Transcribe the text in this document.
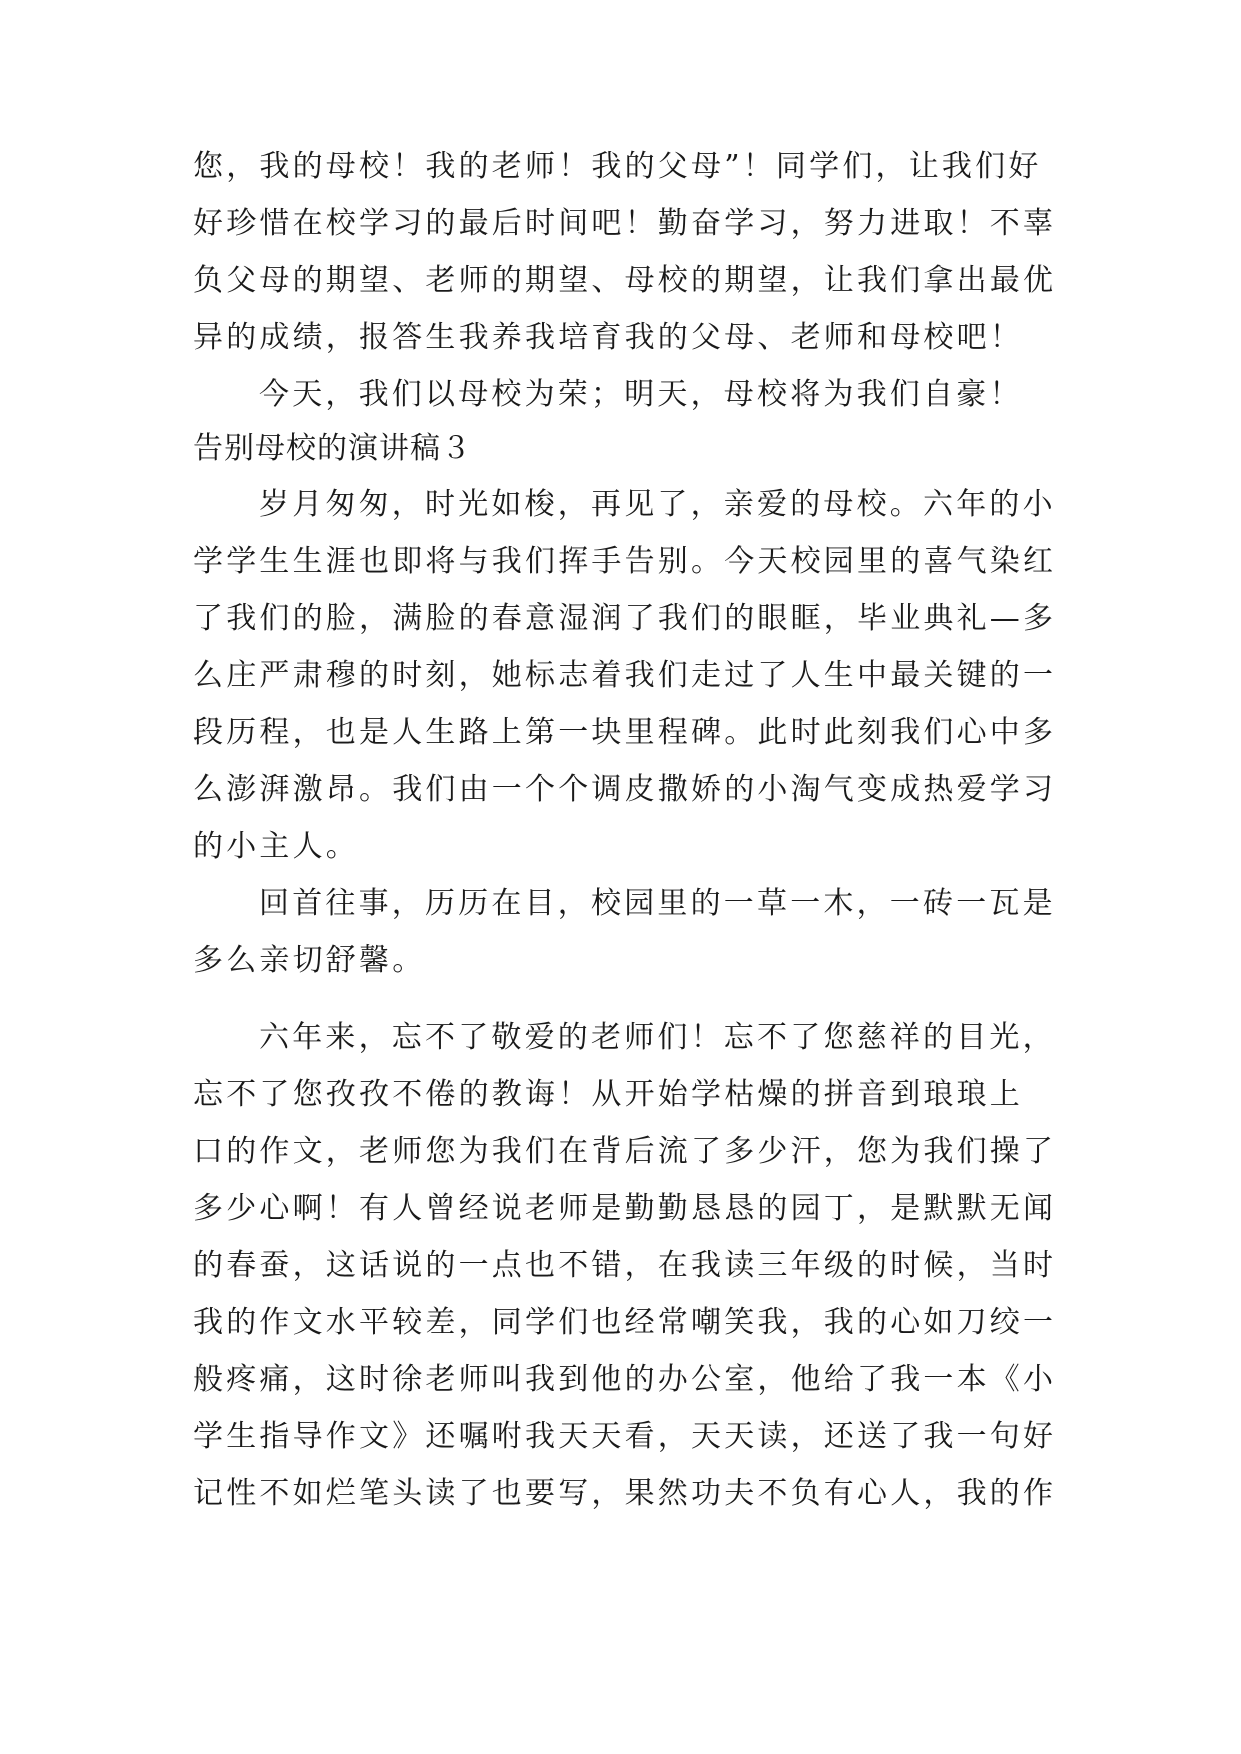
您，我的母校！我的老师！我的父母”！同学们，让我们好
好珍惜在校学习的最后时间吧！勤奋学习，努力进取！不辜
负父母的期望、老师的期望、母校的期望，让我们拿出最优
异的成绩，报答生我养我培育我的父母、老师和母校吧！
今天，我们以母校为荣；明天，母校将为我们自豪！
告别母校的演讲稿３
岁月匆匆，时光如梭，再见了，亲爱的母校。六年的小
学学生生涯也即将与我们挥手告别。今天校园里的喜气染红
了我们的脸，满脸的春意湿润了我们的眼眶，毕业典礼—多
么庄严肃穆的时刻，她标志着我们走过了人生中最关键的一
段历程，也是人生路上第一块里程碑。此时此刻我们心中多
么澎湃激昂。我们由一个个调皮撒娇的小淘气变成热爱学习
的小主人。
回首往事，历历在目，校园里的一草一木，一砖一瓦是
多么亲切舒馨。
六年来，忘不了敬爱的老师们！忘不了您慈祥的目光，
忘不了您孜孜不倦的教诲！从开始学枯燥的拼音到琅琅上
口的作文，老师您为我们在背后流了多少汗，您为我们操了
多少心啊！有人曾经说老师是勤勤恳恳的园丁，是默默无闻
的春蚕，这话说的一点也不错，在我读三年级的时候，当时
我的作文水平较差，同学们也经常嘲笑我，我的心如刀绞一
般疼痛，这时徐老师叫我到他的办公室，他给了我一本《小
学生指导作文》还嘱咐我天天看，天天读，还送了我一句好
记性不如烂笔头读了也要写，果然功夫不负有心人，我的作
